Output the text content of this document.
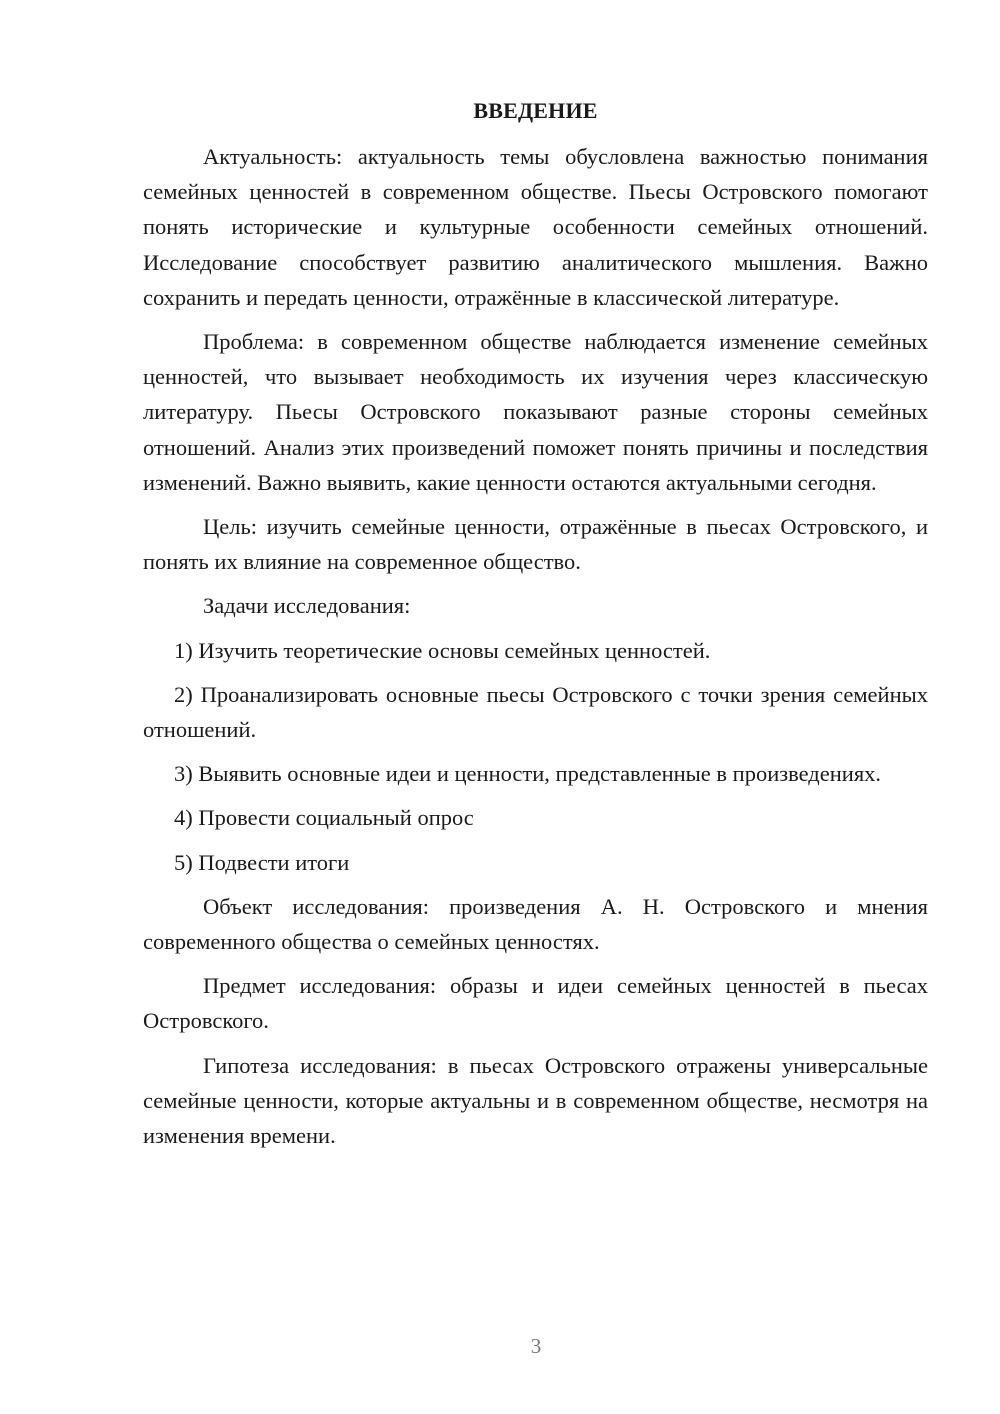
ВВЕДЕНИЕ

Актуальность: актуальность темы обусловлена важностью понимания семейных ценностей в современном обществе. Пьесы Островского помогают понять исторические и культурные особенности семейных отношений. Исследование способствует развитию аналитического мышления. Важно сохранить и передать ценности, отражённые в классической литературе.

Проблема: в современном обществе наблюдается изменение семейных ценностей, что вызывает необходимость их изучения через классическую литературу. Пьесы Островского показывают разные стороны семейных отношений. Анализ этих произведений поможет понять причины и последствия изменений. Важно выявить, какие ценности остаются актуальными сегодня.

Цель: изучить семейные ценности, отражённые в пьесах Островского, и понять их влияние на современное общество.

Задачи исследования:

1) Изучить теоретические основы семейных ценностей.

2) Проанализировать основные пьесы Островского с точки зрения семейных отношений.

3) Выявить основные идеи и ценности, представленные в произведениях.

4) Провести социальный опрос

5) Подвести итоги

Объект исследования: произведения А. Н. Островского и мнения современного общества о семейных ценностях.

Предмет исследования: образы и идеи семейных ценностей в пьесах Островского.

Гипотеза исследования: в пьесах Островского отражены универсальные семейные ценности, которые актуальны и в современном обществе, несмотря на изменения времени.

3
